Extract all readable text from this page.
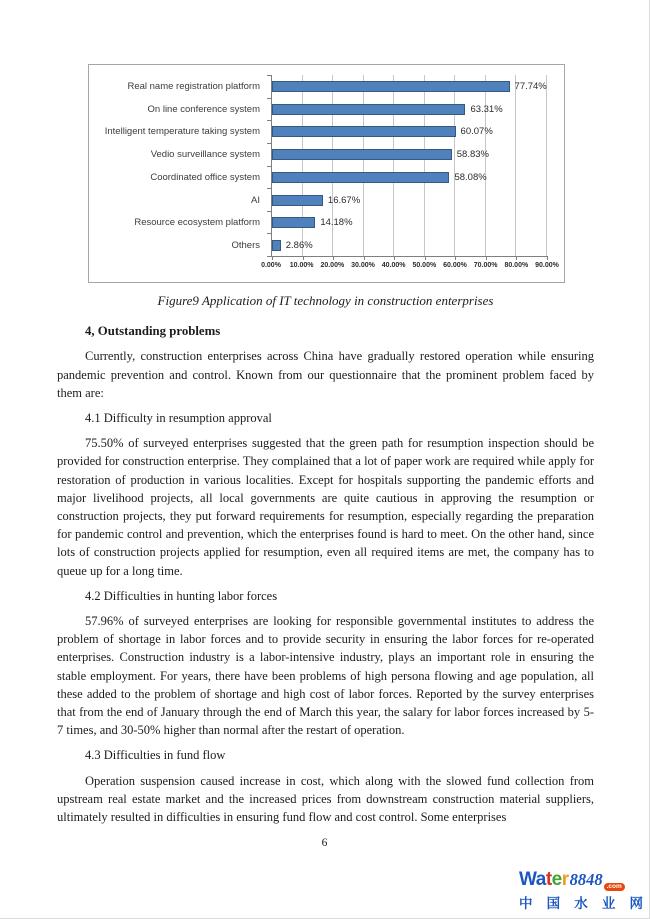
Real name registration platform
On line conference system
Intelligent temperature taking system
Vedio surveillance system
Coordinated office system
AI
Resource ecosystem platform
Others
77.74%
63.31%
60.07%
58.83%
58.08%
16.67%
14.18%
2.86%
0.00% 10.00% 20.00% 30.00% 40.00% 50.00% 60.00% 70.00% 80.00% 90.00%
Figure9 Application of IT technology in construction enterprises
4, Outstanding problems

Currently, construction enterprises across China have gradually restored operation while ensuring pandemic prevention and control. Known from our questionnaire that the prominent problem faced by them are:

4.1 Difficulty in resumption approval

75.50% of surveyed enterprises suggested that the green path for resumption inspection should be provided for construction enterprise. They complained that a lot of paper work are required while apply for restoration of production in various localities. Except for hospitals supporting the pandemic efforts and major livelihood projects, all local governments are quite cautious in approving the resumption or construction projects, they put forward requirements for resumption, especially regarding the preparation for pandemic control and prevention, which the enterprises found is hard to meet. On the other hand, since lots of construction projects applied for resumption, even all required items are met, the company has to queue up for a long time.

4.2 Difficulties in hunting labor forces

57.96% of surveyed enterprises are looking for responsible governmental institutes to address the problem of shortage in labor forces and to provide security in ensuring the labor forces for re-operated enterprises. Construction industry is a labor-intensive industry, plays an important role in ensuring the stable employment. For years, there have been problems of high persona flowing and age population, all these added to the problem of shortage and high cost of labor forces. Reported by the survey enterprises that from the end of January through the end of March this year, the salary for labor forces increased by 5-7 times, and 30-50% higher than normal after the restart of operation.

4.3 Difficulties in fund flow

Operation suspension caused increase in cost, which along with the slowed fund collection from upstream real estate market and the increased prices from downstream construction material suppliers, ultimately resulted in difficulties in ensuring fund flow and cost control. Some enterprises

6
Water 8848 .com
中 国 水 业 网
